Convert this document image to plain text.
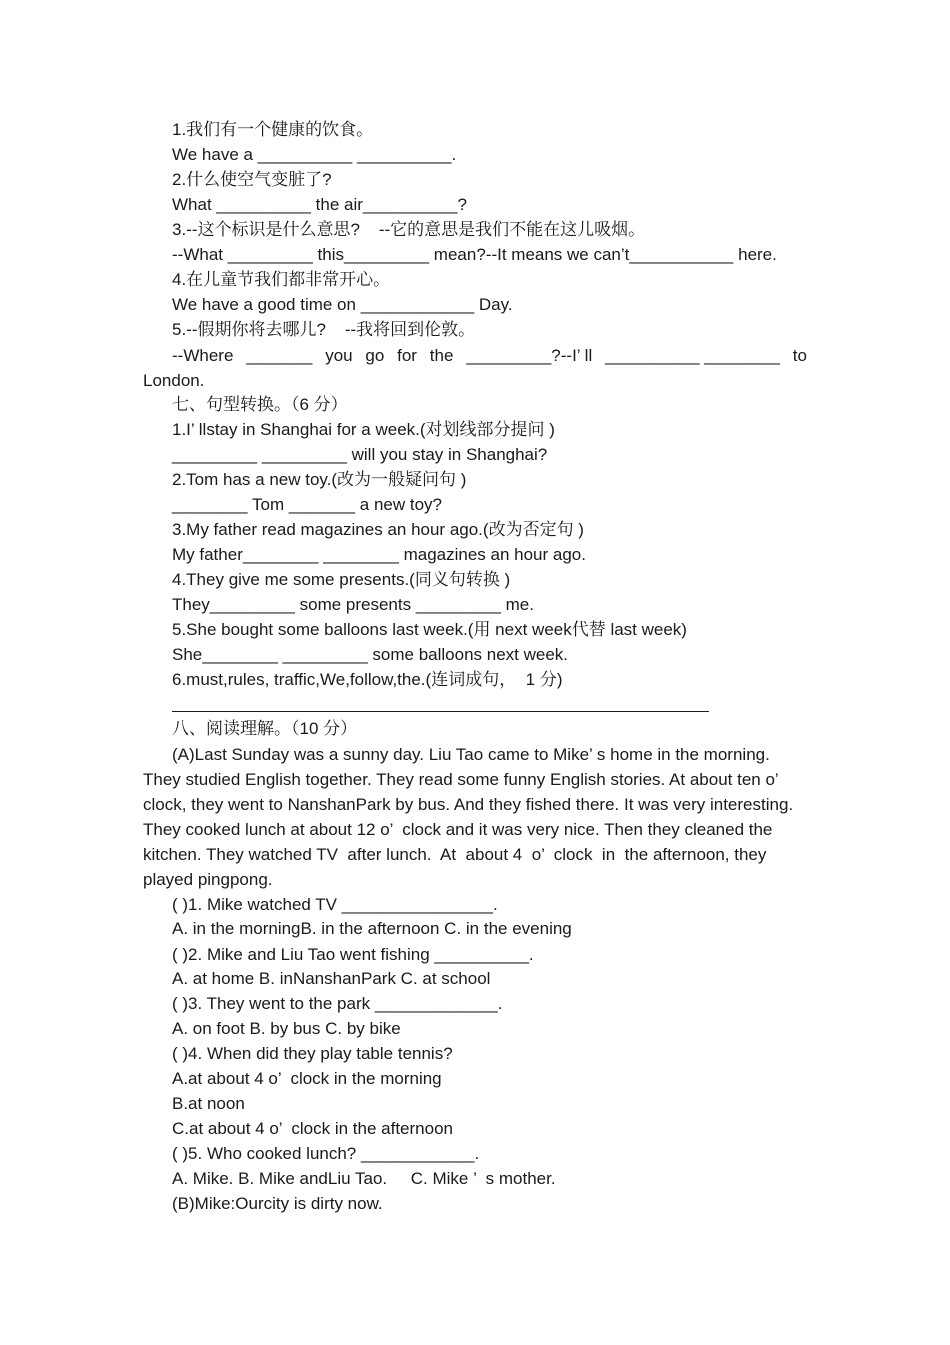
1.我们有一个健康的饮食。
We have a __________ __________.
2.什么使空气变脏了?
What __________ the air__________?
3.--这个标识是什么意思?    --它的意思是我们不能在这儿吸烟。
--What _________ this_________ mean?--It means we can’t___________ here.
4.在儿童节我们都非常开心。
We have a good time on ____________ Day.
5.--假期你将去哪儿?    --我将回到伦敦。
--Where _______ you go for the _________?--I’ ll __________ ________ to
London.
七、句型转换。（6 分）
1.I’ llstay in Shanghai for a week.(对划线部分提问 )
_________ _________ will you stay in Shanghai?
2.Tom has a new toy.(改为一般疑问句 )
________ Tom _______ a new toy?
3.My father read magazines an hour ago.(改为否定句 )
My father________ ________ magazines an hour ago.
4.They give me some presents.(同义句转换 )
They_________ some presents _________ me.
5.She bought some balloons last week.(用 next week代替 last week)
She________ _________ some balloons next week.
6.must,rules, traffic,We,follow,the.(连词成句，  1 分)
八、阅读理解。（10 分）
(A)Last Sunday was a sunny day. Liu Tao came to Mike’ s home in the morning.
They studied English together. They read some funny English stories. At about ten o’
clock, they went to NanshanPark by bus. And they fished there. It was very interesting.
They cooked lunch at about 12 o’  clock and it was very nice. Then they cleaned the
kitchen. They watched TV  after lunch.  At  about 4  o’  clock  in  the afternoon, they
played pingpong.
( )1. Mike watched TV ________________.
A. in the morningB. in the afternoon C. in the evening
( )2. Mike and Liu Tao went fishing __________.
A. at home B. inNanshanPark C. at school
( )3. They went to the park _____________.
A. on foot B. by bus C. by bike
( )4. When did they play table tennis?
A.at about 4 o’  clock in the morning
B.at noon
C.at about 4 o’  clock in the afternoon
( )5. Who cooked lunch? ____________.
A. Mike. B. Mike andLiu Tao.     C. Mike ’  s mother.
(B)Mike:Ourcity is dirty now.
